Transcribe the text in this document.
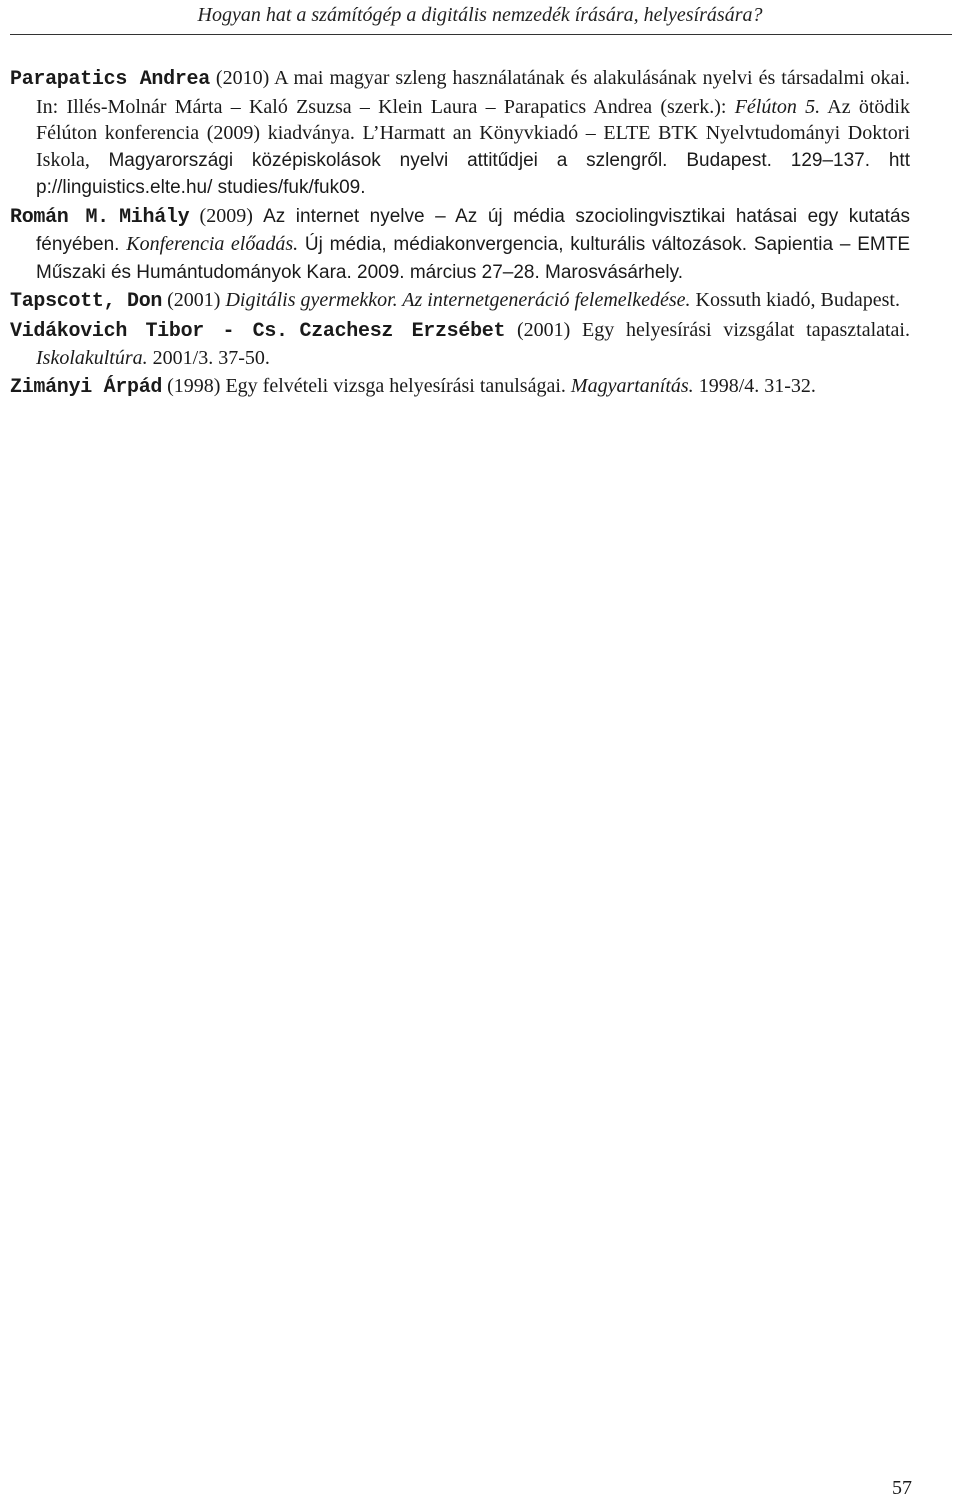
Hogyan hat a számítógép a digitális nemzedék írására, helyesírására?

Parapatics Andrea (2010) A mai magyar szleng használatának és alakulásának nyelvi és társadalmi okai. In: Illés-Molnár Márta – Kaló Zsuzsa – Klein Laura – Parapatics Andrea (szerk.): Félúton 5. Az ötödik Félúton konferencia (2009) kiadványa. L’Harmatt an Könyvkiadó – ELTE BTK Nyelvtudományi Doktori Iskola, Magyarországi középiskolások nyelvi attitűdjei a szlengről. Budapest. 129–137. htt p://linguistics.elte.hu/ studies/fuk/fuk09.

Román M. Mihály (2009) Az internet nyelve – Az új média szociolingvisztikai hatásai egy kutatás fényében. Konferencia előadás. Új média, médiakonvergencia, kulturális változások. Sapientia – EMTE Műszaki és Humántudományok Kara. 2009. március 27–28. Marosvásárhely.

Tapscott, Don (2001) Digitális gyermekkor. Az internetgeneráció felemelkedése. Kossuth kiadó, Budapest.

Vidákovich Tibor - Cs. Czachesz Erzsébet (2001) Egy helyesírási vizsgálat tapasztalatai. Iskolakultúra. 2001/3. 37-50.

Zimányi Árpád (1998) Egy felvételi vizsga helyesírási tanulságai. Magyartanítás. 1998/4. 31-32.

57
